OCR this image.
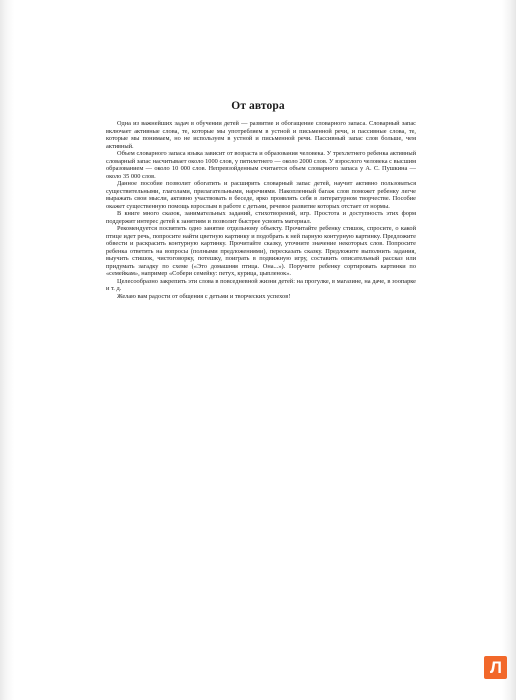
От автора

Одна из важнейших задач в обучении детей — развитие и обогащение словарного запаса. Словарный запас включает активные слова, те, которые мы употребляем в устной и письменной речи, и пассивные слова, те, которые мы понимаем, но не используем в устной и письменной речи. Пассивный запас слов больше, чем активный.

Объем словарного запаса языка зависит от возраста и образования человека. У трехлетнего ребенка активный словарный запас насчитывает около 1000 слов, у пятилетнего — около 2000 слов. У взрослого человека с высшим образованием — около 10 000 слов. Непревзойденным считается объем словарного запаса у А. С. Пушкина — около 35 000 слов.

Данное пособие позволит обогатить и расширить словарный запас детей, научит активно пользоваться существительными, глаголами, прилагательными, наречиями. Накопленный багаж слов поможет ребенку легче выражать свои мысли, активно участвовать в беседе, ярко проявлять себя в литературном творчестве. Пособие окажет существенную помощь взрослым в работе с детьми, речевое развитие которых отстает от нормы.

В книге много сказок, занимательных заданий, стихотворений, игр. Простота и доступность этих форм поддержит интерес детей к занятиям и позволит быстрее усвоить материал.

Рекомендуется посвятить одно занятие отдельному объекту. Прочитайте ребенку стишок, спросите, о какой птице идет речь, попросите найти цветную картинку и подобрать к ней парную контурную картинку. Предложите обвести и раскрасить контурную картинку. Прочитайте сказку, уточните значение некоторых слов. Попросите ребенка ответить на вопросы (полными предложениями), пересказать сказку. Предложите выполнить задания, выучить стишок, чистоговорку, потешку, поиграть в подвижную игру, составить описательный рассказ или придумать загадку по схеме («Это домашняя птица. Она...»). Поручите ребенку сортировать картинки по «семейкам», например «Собери семейку: петух, курица, цыпленок».

Целесообразно закрепить эти слова в повседневной жизни детей: на прогулке, в магазине, на даче, в зоопарке и т. д.

Желаю вам радости от общения с детьми и творческих успехов!

Л
